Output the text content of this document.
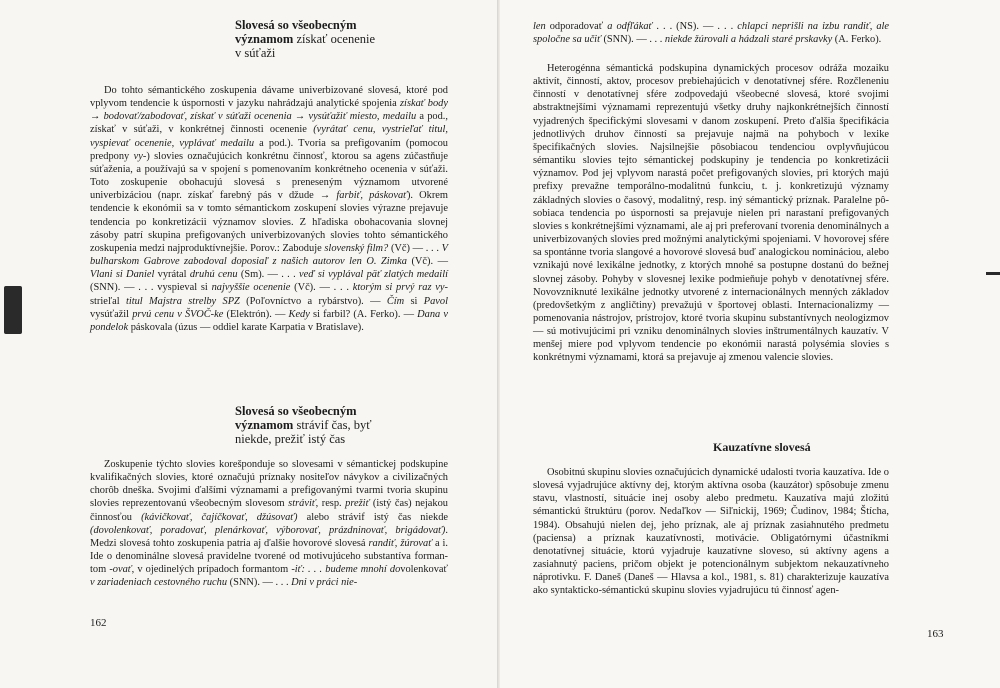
Slovesá so všeobecným
významom získať ocenenie
v súťaži

Do tohto sémantického zoskupenia dávame univerbizované slovesá, ktoré pod vplyvom tendencie k úspornosti v jazyku nahrádzajú analytické spojenia získať body → bodovať/zabodovať, získať v súťaži ocenenia → vysúťažiť miesto, medailu a pod., získať v súťaži, v konkrétnej činnosti ocenenie (vyrátať cenu, vystrieľať titul, vyspievať ocenenie, vyplávať medailu a pod.). Tvoria sa prefigovaním (pomocou predpony vy-) slovies označujúcich konkrétnu činnosť, ktorou sa agens zúčastňuje súťaženia, a používajú sa v spojení s pomenovaním konkrétneho ocenenia v súťaži. Toto zoskupenie obohacujú slovesá s preneseným významom utvorené univerbizáciou (napr. získať farebný pás v džude → farbiť, páskovať). Okrem tendencie k ekonómii sa v tomto sémantickom zoskupení slovies výrazne prejavuje tendencia po konkretizácii významov slovies. Z hľadiska obohacovania slovnej zásoby patrí skupina prefigovaných univerbizovaných slovies tohto sémantického zoskupenia medzi najproduktívnejšie. Porov.: Zaboduje slovenský film? (Vč) — . . . V bulharskom Gabrove zabodoval doposiaľ z našich autorov len O. Zimka (Vč). — Vlani si Daniel vyrátal druhú cenu (Sm). — . . . veď si vyplával päť zlatých medailí (SNN). — . . . vyspieval si najvyššie ocenenie (Vč). — . . . ktorým si prvý raz vystrieľal titul Majstra strelby SPZ (Poľovníctvo a rybárstvo). — Čím si Pavol vysúťažil prvú cenu v ŠVOČ-ke (Elektrón). — Kedy si farbil? (A. Ferko). — Dana v pondelok páskovala (úzus — oddiel karate Karpatia v Bratislave).

Slovesá so všeobecným
významom strávif čas, byť
niekde, prežiť istý čas

Zoskupenie týchto slovies korešponduje so slovesami v sémantickej podskupine kvalifikačných slovies, ktoré označujú príznaky nositeľov návykov a civilizačných chorôb dneška. Svojimi ďalšími významami a prefigovanými tvarmi tvoria skupinu slovies reprezentovanú všeobecným slovesom stráviť, resp. prežiť (istý čas) nejakou činnosťou (kávičkovať, čajíčkovať, džúsovať) alebo strávif istý čas niekde (dovolenkovať, poradovať, plenárkovať, výborovať, prázdninovať, brigádovať). Medzi slovesá tohto zoskupenia patria aj ďalšie hovorové slovesá randiť, žúrovať a i. Ide o denominálne slovesá pravidelne tvorené od motivujúceho substantíva formantom -ovať, v ojedinelých prípadoch formantom -iť: . . . budeme mnohí dovolenkovať v zariadeniach cestovného ruchu (SNN). — . . . Dni v práci nie-

162

len odporadovať a odfľákať . . . (NS). — . . . chlapci neprišli na izbu randiť, ale spoločne sa učiť (SNN). — . . . niekde žúrovali a hádzali staré prskavky (A. Ferko).

Heterogénna sémantická podskupina dynamických procesov odráža mozaiku aktivít, činností, aktov, procesov prebiehajúcich v denotatívnej sfére. Rozčleneniu činností v denotatívnej sfére zodpovedajú všeobecné slovesá, ktoré svojimi abstraktnejšími významami reprezentujú všetky druhy najkonkrétnejších činností vyjadrených špecifickými slovesami v danom zoskupení. Preto ďalšia špecifikácia jednotlivých druhov činností sa prejavuje najmä na pohyboch v lexike špecifikačných slovies. Najsilnejšie pôsobiacou tendenciou ovplyvňujúcou sémantiku slovies tejto sémantickej podskupiny je tendencia po konkretizácii významov. Pod jej vplyvom narastá počet prefigovaných slovies, pri ktorých majú prefixy prevažne temporálno-modalitnú funkciu, t. j. konkretizujú významy základných slovies o časový, modalitný, resp. iný sémantický príznak. Paralelne pôsobiaca tendencia po úspornosti sa prejavuje nielen pri narastaní prefigovaných slovies s konkrétnejšími významami, ale aj pri preferovaní tvorenia denominálnych a univerbizovaných slovies pred možnými analytickými spojeniami. V hovorovej sfére sa spontánne tvoria slangové a hovorové slovesá buď analogickou nomináciou, alebo vznikajú nové lexikálne jednotky, z ktorých mnohé sa postupne dostanú do bežnej slovnej zásoby. Pohyby v slovesnej lexike podmieňuje pohyb v denotatívnej sfére. Novovzniknuté lexikálne jednotky utvorené z internacionálnych menných základov (predovšetkým z angličtiny) prevažujú v športovej oblasti. Internacionalizmy — pomenovania nástrojov, prístrojov, ktoré tvoria skupinu substantívnych neologizmov — sú motivujúcimi pri vzniku denominálnych slovies inštrumentálnych kauzatív. V menšej miere pod vplyvom tendencie po ekonómii narastá polysémia slovies s konkrétnymi významami, ktorá sa prejavuje aj zmenou valencie slovies.

Kauzatívne slovesá

Osobitnú skupinu slovies označujúcich dynamické udalosti tvoria kauzatíva. Ide o slovesá vyjadrujúce aktívny dej, ktorým aktívna osoba (kauzátor) spôsobuje zmenu stavu, vlastností, situácie inej osoby alebo predmetu. Kauzatíva majú zložitú sémantickú štruktúru (porov. Nedaľkov — Siľnickij, 1969; Čudinov, 1984; Štícha, 1984). Obsahujú nielen dej, jeho príznak, ale aj príznak zasiahnutého predmetu (paciensa) a príznak kauzatívnosti, motivácie. Obligatórnymi účastníkmi denotatívnej situácie, ktorú vyjadruje kauzatívne sloveso, sú aktívny agens a zasiahnutý paciens, pričom objekt je potencionálnym subjektom nekauzatívneho náprotivku. F. Daneš (Daneš — Hlavsa a kol., 1981, s. 81) charakterizuje kauzatíva ako syntakticko-sémantickú skupinu slovies vyjadrujúcu tú činnosť agen-

163
